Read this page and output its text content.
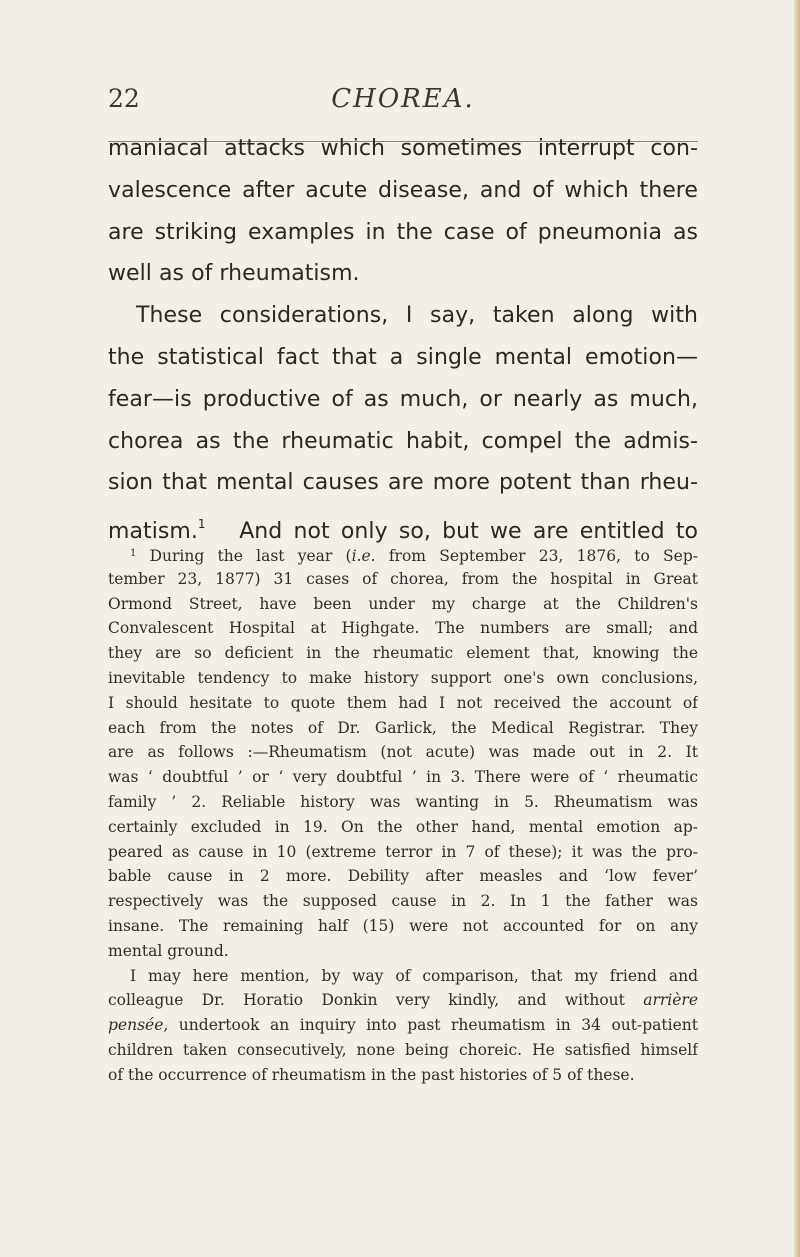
22	CHOREA.
maniacal attacks which sometimes interrupt con-
valescence after acute disease, and of which there
are striking examples in the case of pneumonia as
well as of rheumatism.
These considerations, I say, taken along with
the statistical fact that a single mental emotion—
fear—is productive of as much, or nearly as much,
chorea as the rheumatic habit, compel the admis-
sion that mental causes are more potent than rheu-
matism.$^1$ And not only so, but we are entitled to
$^1$ During the last year (i.e. from September 23, 1876, to Sep-
tember 23, 1877) 31 cases of chorea, from the hospital in Great
Ormond Street, have been under my charge at the Children's
Convalescent Hospital at Highgate. The numbers are small; and
they are so deficient in the rheumatic element that, knowing the
inevitable tendency to make history support one's own conclusions,
I should hesitate to quote them had I not received the account of
each from the notes of Dr. Garlick, the Medical Registrar. They
are as follows :—Rheumatism (not acute) was made out in 2. It
was ‘ doubtful ’ or ‘ very doubtful ’ in 3. There were of ‘ rheumatic
family ’ 2. Reliable history was wanting in 5. Rheumatism was
certainly excluded in 19. On the other hand, mental emotion ap-
peared as cause in 10 (extreme terror in 7 of these); it was the pro-
bable cause in 2 more. Debility after measles and ‘low fever’
respectively was the supposed cause in 2. In 1 the father was
insane. The remaining half (15) were not accounted for on any
mental ground.
I may here mention, by way of comparison, that my friend and
colleague Dr. Horatio Donkin very kindly, and without arrière
pensée, undertook an inquiry into past rheumatism in 34 out-patient
children taken consecutively, none being choreic. He satisfied himself
of the occurrence of rheumatism in the past histories of 5 of these.
